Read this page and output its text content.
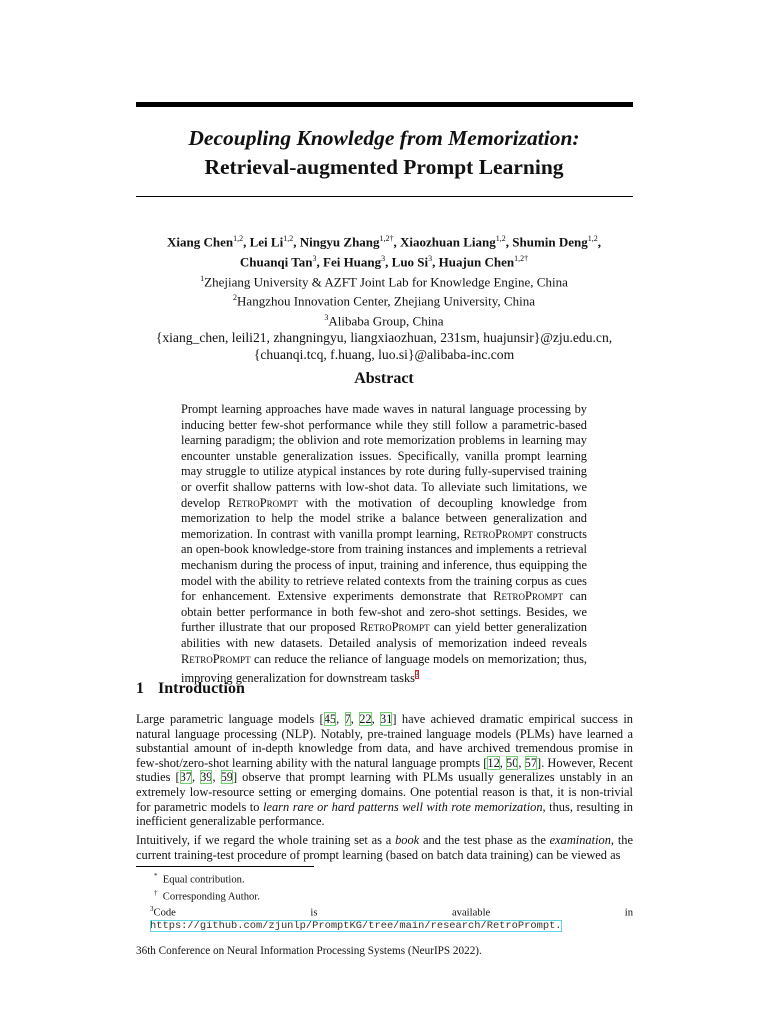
Decoupling Knowledge from Memorization:
Retrieval-augmented Prompt Learning
Xiang Chen$^{1,2}$, Lei Li$^{1,2}$, Ningyu Zhang$^{1,2\dagger}$, Xiaozhuan Liang$^{1,2}$, Shumin Deng$^{1,2}$,
Chuanqi Tan$^3$, Fei Huang$^3$, Luo Si$^3$, Huajun Chen$^{1,2\dagger}$
$^1$Zhejiang University & AZFT Joint Lab for Knowledge Engine, China
$^2$Hangzhou Innovation Center, Zhejiang University, China
$^3$Alibaba Group, China
{xiang_chen, leili21, zhangningyu, liangxiaozhuan, 231sm, huajunsir}@zju.edu.cn,
{chuanqi.tcq, f.huang, luo.si}@alibaba-inc.com
Abstract
Prompt learning approaches have made waves in natural language processing by inducing better few-shot performance while they still follow a parametric-based learning paradigm; the oblivion and rote memorization problems in learning may encounter unstable generalization issues. Specifically, vanilla prompt learning may struggle to utilize atypical instances by rote during fully-supervised training or overfit shallow patterns with low-shot data. To alleviate such limitations, we develop RetroPrompt with the motivation of decoupling knowledge from memorization to help the model strike a balance between generalization and memorization. In contrast with vanilla prompt learning, RetroPrompt constructs an open-book knowledge-store from training instances and implements a retrieval mechanism during the process of input, training and inference, thus equipping the model with the ability to retrieve related contexts from the training corpus as cues for enhancement. Extensive experiments demonstrate that RetroPrompt can obtain better performance in both few-shot and zero-shot settings. Besides, we further illustrate that our proposed RetroPrompt can yield better generalization abilities with new datasets. Detailed analysis of memorization indeed reveals RetroPrompt can reduce the reliance of language models on memorization; thus, improving generalization for downstream tasks$^3$
1 Introduction
Large parametric language models [45, 7, 22, 31] have achieved dramatic empirical success in natural language processing (NLP). Notably, pre-trained language models (PLMs) have learned a substantial amount of in-depth knowledge from data, and have archived tremendous promise in few-shot/zero-shot learning ability with the natural language prompts [12, 50, 57]. However, Recent studies [37, 39, 59] observe that prompt learning with PLMs usually generalizes unstably in an extremely low-resource setting or emerging domains. One potential reason is that, it is non-trivial for parametric models to learn rare or hard patterns well with rote memorization, thus, resulting in inefficient generalizable performance.
Intuitively, if we regard the whole training set as a book and the test phase as the examination, the current training-test procedure of prompt learning (based on batch data training) can be viewed as
* Equal contribution.
† Corresponding Author.
$^3$Code is available in https://github.com/zjunlp/PromptKG/tree/main/research/RetroPrompt.
36th Conference on Neural Information Processing Systems (NeurIPS 2022).
